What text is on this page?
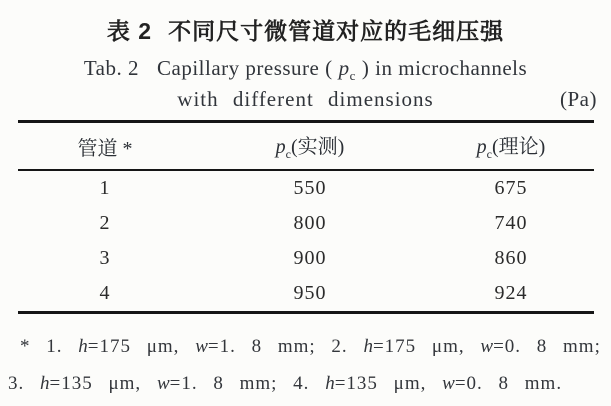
表 2 不同尺寸微管道对应的毛细压强
Tab. 2 Capillary pressure ( $p_c$ ) in microchannels
with different dimensions	(Pa)
管道 *	$p_c$(实测)	$p_c$(理论)
1	550	675
2	800	740
3	900	860
4	950	924
* 1. h=175 μm, w=1. 8 mm; 2. h=175 μm, w=0. 8 mm;
3. h=135 μm, w=1. 8 mm; 4. h=135 μm, w=0. 8 mm.
